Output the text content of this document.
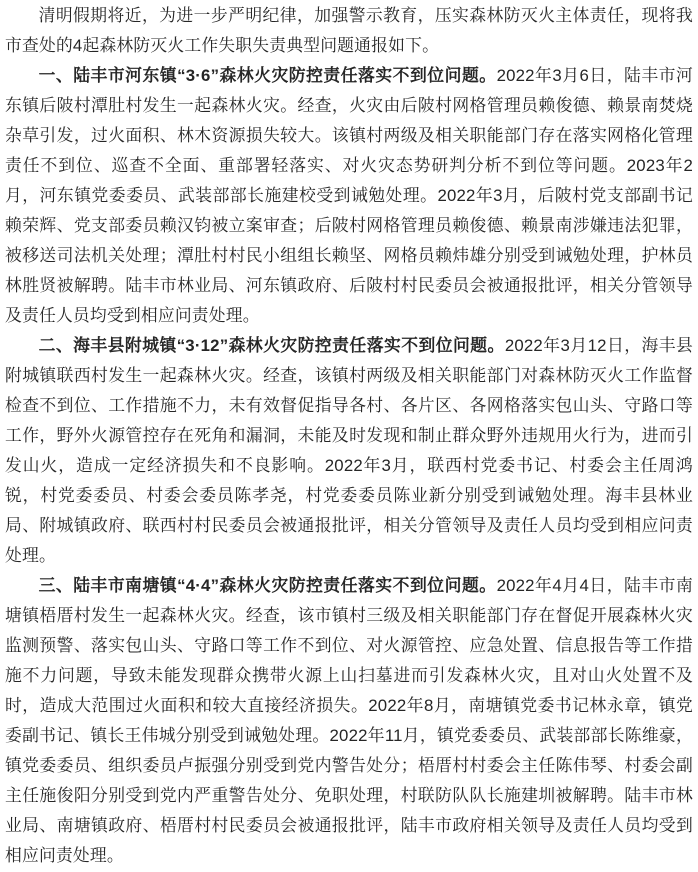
清明假期将近，为进一步严明纪律，加强警示教育，压实森林防灭火主体责任，现将我市查处的4起森林防灭火工作失职失责典型问题通报如下。

一、陆丰市河东镇“3·6”森林火灾防控责任落实不到位问题。2022年3月6日，陆丰市河东镇后陂村潭肚村发生一起森林火灾。经查，火灾由后陂村网格管理员赖俊德、赖景南焚烧杂草引发，过火面积、林木资源损失较大。该镇村两级及相关职能部门存在落实网格化管理责任不到位、巡查不全面、重部署轻落实、对火灾态势研判分析不到位等问题。2023年2月，河东镇党委委员、武装部部长施建校受到诫勉处理。2022年3月，后陂村党支部副书记赖荣辉、党支部委员赖汉钧被立案审查；后陂村网格管理员赖俊德、赖景南涉嫌违法犯罪，被移送司法机关处理；潭肚村村民小组组长赖坚、网格员赖炜雄分别受到诫勉处理，护林员林胜贤被解聘。陆丰市林业局、河东镇政府、后陂村村民委员会被通报批评，相关分管领导及责任人员均受到相应问责处理。

二、海丰县附城镇“3·12”森林火灾防控责任落实不到位问题。2022年3月12日，海丰县附城镇联西村发生一起森林火灾。经查，该镇村两级及相关职能部门对森林防灭火工作监督检查不到位、工作措施不力，未有效督促指导各村、各片区、各网格落实包山头、守路口等工作，野外火源管控存在死角和漏洞，未能及时发现和制止群众野外违规用火行为，进而引发山火，造成一定经济损失和不良影响。2022年3月，联西村党委书记、村委会主任周鸿锐，村党委委员、村委会委员陈孝尧，村党委委员陈业新分别受到诫勉处理。海丰县林业局、附城镇政府、联西村村民委员会被通报批评，相关分管领导及责任人员均受到相应问责处理。

三、陆丰市南塘镇“4·4”森林火灾防控责任落实不到位问题。2022年4月4日，陆丰市南塘镇梧厝村发生一起森林火灾。经查，该市镇村三级及相关职能部门存在督促开展森林火灾监测预警、落实包山头、守路口等工作不到位、对火源管控、应急处置、信息报告等工作措施不力问题，导致未能发现群众携带火源上山扫墓进而引发森林火灾，且对山火处置不及时，造成大范围过火面积和较大直接经济损失。2022年8月，南塘镇党委书记林永章，镇党委副书记、镇长王伟城分别受到诫勉处理。2022年11月，镇党委委员、武装部部长陈维豪，镇党委委员、组织委员卢振强分别受到党内警告处分；梧厝村村委会主任陈伟琴、村委会副主任施俊阳分别受到党内严重警告处分、免职处理，村联防队队长施建圳被解聘。陆丰市林业局、南塘镇政府、梧厝村村民委员会被通报批评，陆丰市政府相关领导及责任人员均受到相应问责处理。
